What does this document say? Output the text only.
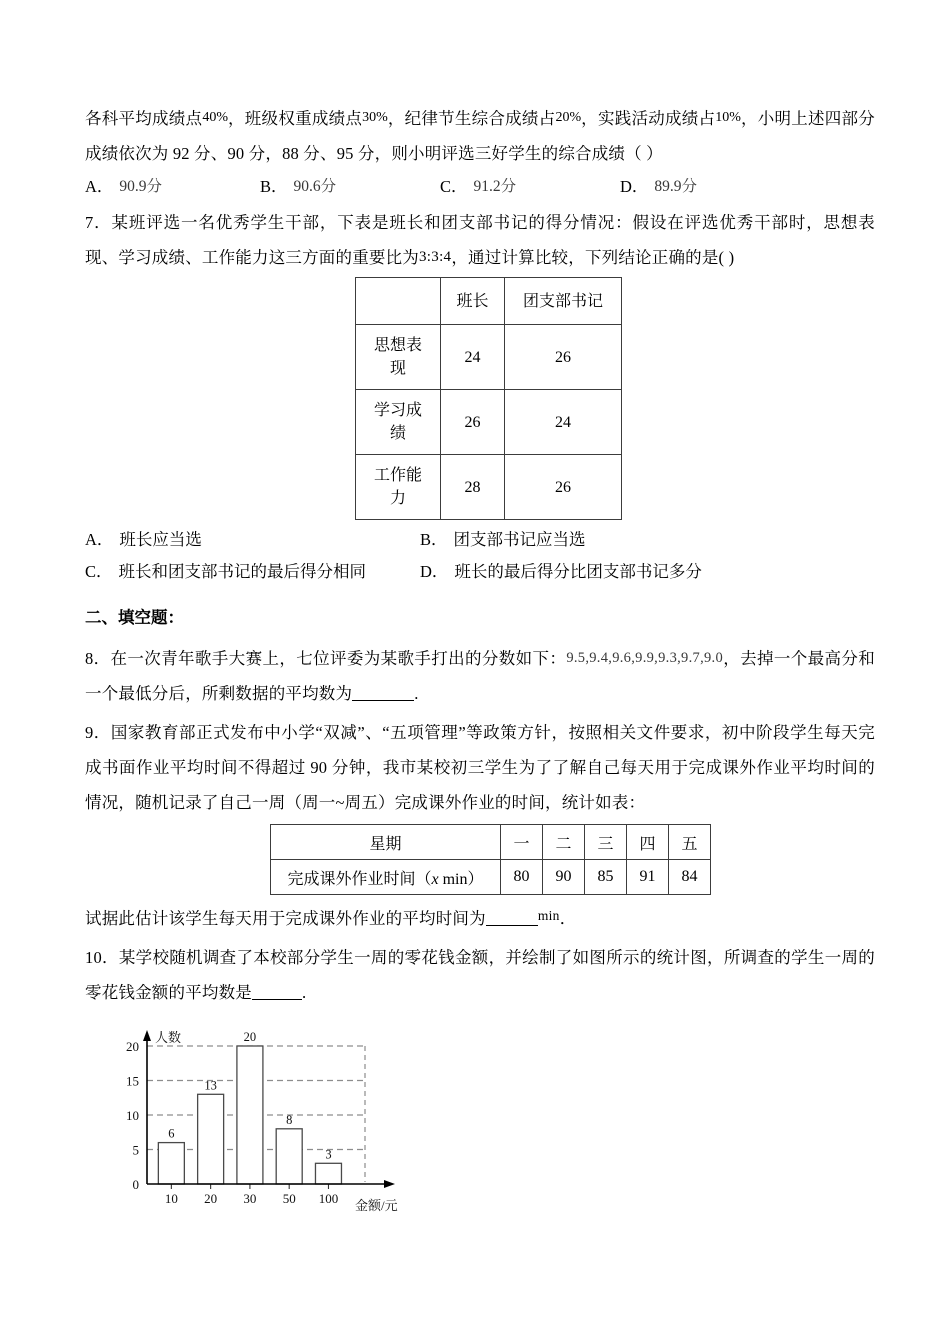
各科平均成绩点40%，班级权重成绩点30%，纪律节生综合成绩占20%，实践活动成绩占10%，小明上述四部分成绩依次为 92 分、90 分，88 分、95 分，则小明评选三好学生的综合成绩（ ）

A． 90.9分	B． 90.6分	C． 91.2分	D． 89.9分

7．某班评选一名优秀学生干部，下表是班长和团支部书记的得分情况：假设在评选优秀干部时，思想表现、学习成绩、工作能力这三方面的重要比为3:3:4，通过计算比较，下列结论正确的是( )

	班长	团支部书记
思想表现	24	26
学习成绩	26	24
工作能力	28	26
A． 班长应当选	B． 团支部书记应当选
C． 班长和团支部书记的最后得分相同	D． 班长的最后得分比团支部书记多分

二、填空题：

8．在一次青年歌手大赛上，七位评委为某歌手打出的分数如下：9.5,9.4,9.6,9.9,9.3,9.7,9.0，去掉一个最高分和一个最低分后，所剩数据的平均数为	.

9．国家教育部正式发布中小学“双减”、“五项管理”等政策方针，按照相关文件要求，初中阶段学生每天完成书面作业平均时间不得超过 90 分钟，我市某校初三学生为了了解自己每天用于完成课外作业平均时间的情况，随机记录了自己一周（周一~周五）完成课外作业的时间，统计如表：

星期	一	二	三	四	五
完成课外作业时间（x min）	80	90	85	91	84

试据此估计该学生每天用于完成课外作业的平均时间为	$^{min}$．

10．某学校随机调查了本校部分学生一周的零花钱金额，并绘制了如图所示的统计图，所调查的学生一周的零花钱金额的平均数是	.

6
13
20
8
3
0
5
10
15
20
10 20 30 50 100
人数
金额/元
